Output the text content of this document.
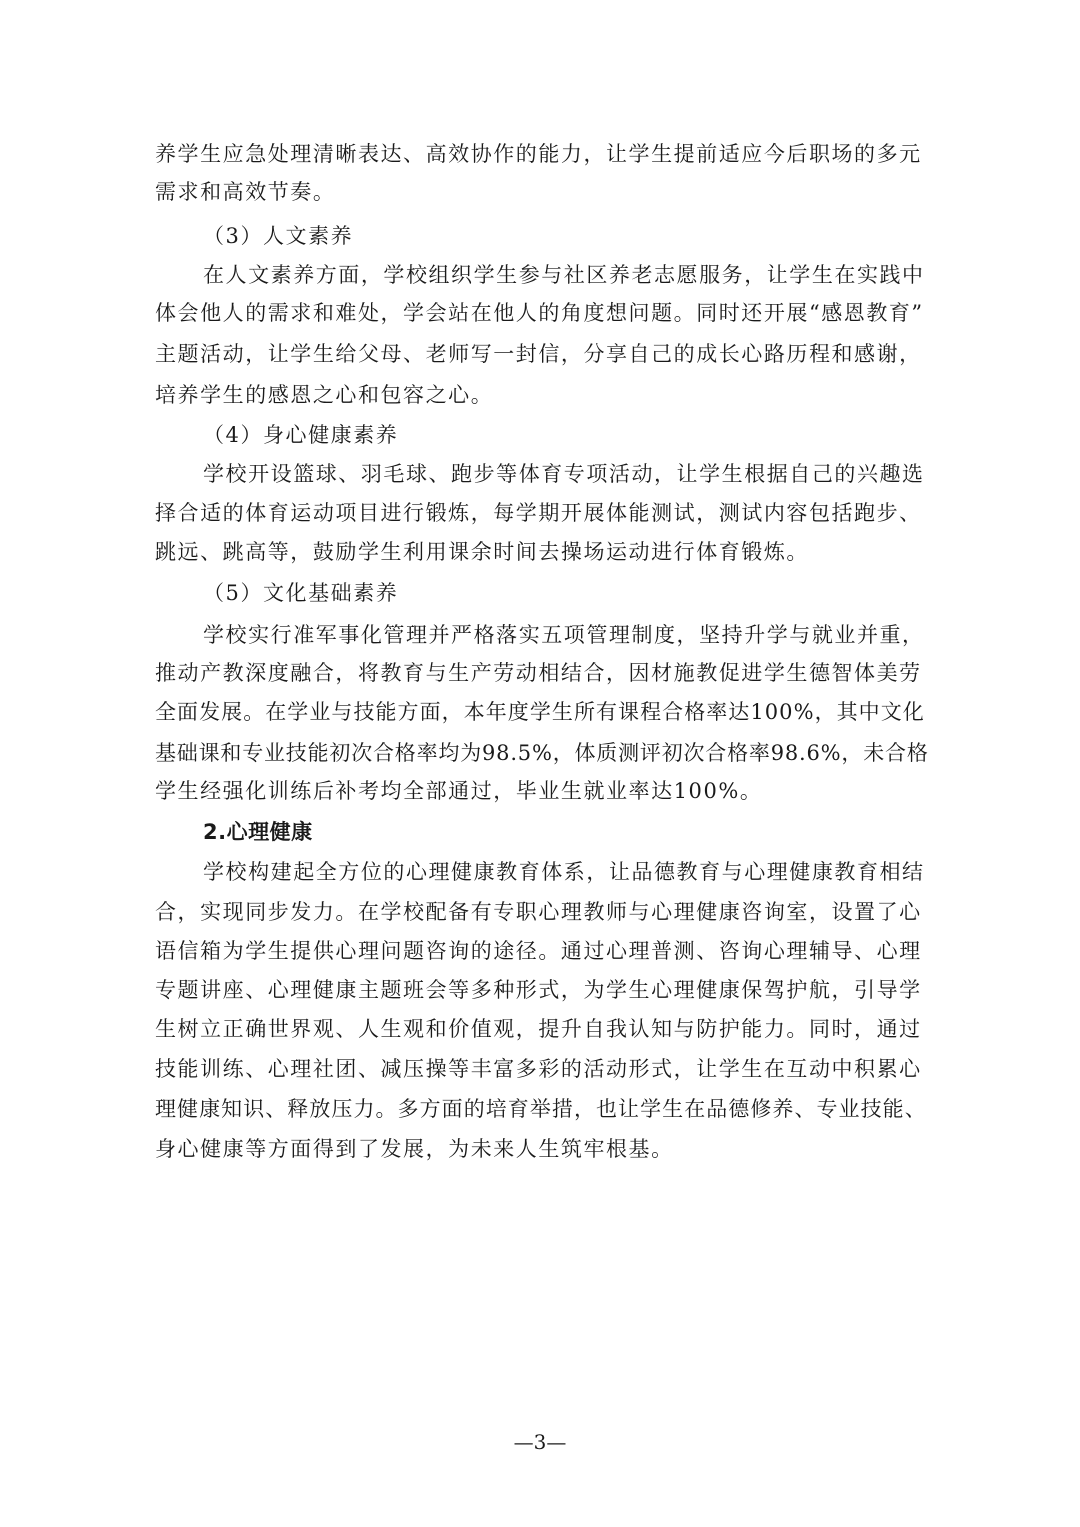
养学生应急处理清晰表达、高效协作的能力，让学生提前适应今后职场的多元
需求和高效节奏。
（3）人文素养
在人文素养方面，学校组织学生参与社区养老志愿服务，让学生在实践中
体会他人的需求和难处，学会站在他人的角度想问题。同时还开展“感恩教育”
主题活动，让学生给父母、老师写一封信，分享自己的成长心路历程和感谢，
培养学生的感恩之心和包容之心。
（4）身心健康素养
学校开设篮球、羽毛球、跑步等体育专项活动，让学生根据自己的兴趣选
择合适的体育运动项目进行锻炼，每学期开展体能测试，测试内容包括跑步、
跳远、跳高等，鼓励学生利用课余时间去操场运动进行体育锻炼。
（5）文化基础素养
学校实行准军事化管理并严格落实五项管理制度，坚持升学与就业并重，
推动产教深度融合，将教育与生产劳动相结合，因材施教促进学生德智体美劳
全面发展。在学业与技能方面，本年度学生所有课程合格率达100%，其中文化
基础课和专业技能初次合格率均为98.5%，体质测评初次合格率98.6%，未合格
学生经强化训练后补考均全部通过，毕业生就业率达100%。
2.心理健康
学校构建起全方位的心理健康教育体系，让品德教育与心理健康教育相结
合，实现同步发力。在学校配备有专职心理教师与心理健康咨询室，设置了心
语信箱为学生提供心理问题咨询的途径。通过心理普测、咨询心理辅导、心理
专题讲座、心理健康主题班会等多种形式，为学生心理健康保驾护航，引导学
生树立正确世界观、人生观和价值观，提升自我认知与防护能力。同时，通过
技能训练、心理社团、减压操等丰富多彩的活动形式，让学生在互动中积累心
理健康知识、释放压力。多方面的培育举措，也让学生在品德修养、专业技能、
身心健康等方面得到了发展，为未来人生筑牢根基。
—3—
